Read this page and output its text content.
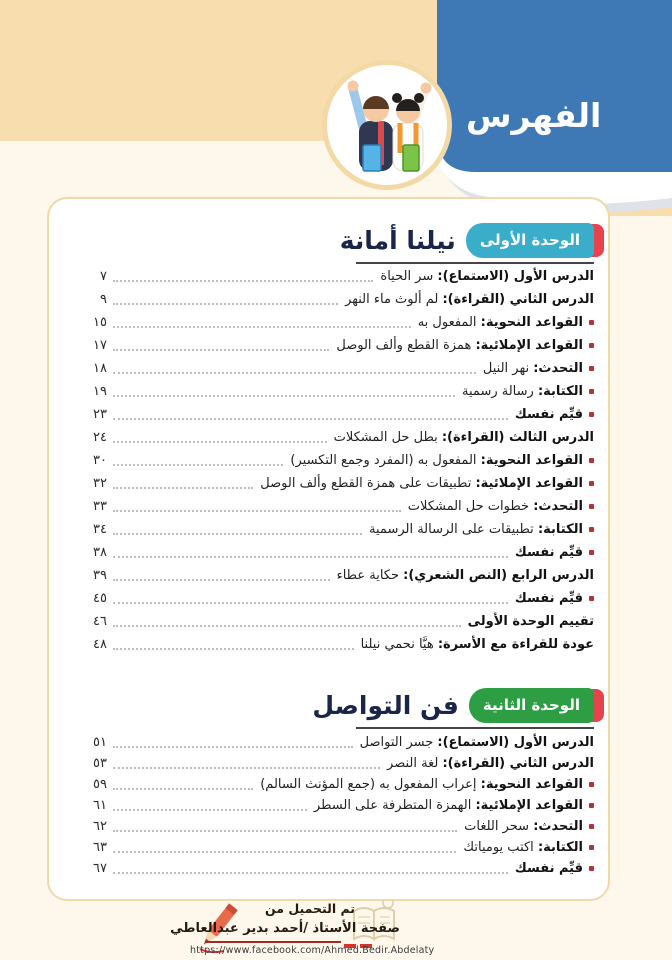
الفهرس
الوحدة الأولى
نيلنا أمانة
الدرس الأول (الاستماع): سر الحياة
٧
الدرس الثاني (القراءة): لم ألوث ماء النهر
٩
القواعد النحوية: المفعول به
١٥
القواعد الإملائية: همزة القطع وألف الوصل
١٧
التحدث: نهر النيل
١٨
الكتابة: رسالة رسمية
١٩
قيِّم نفسك
٢٣
الدرس الثالث (القراءة): بطل حل المشكلات
٢٤
القواعد النحوية: المفعول به (المفرد وجمع التكسير)
٣٠
القواعد الإملائية: تطبيقات على همزة القطع وألف الوصل
٣٢
التحدث: خطوات حل المشكلات
٣٣
الكتابة: تطبيقات على الرسالة الرسمية
٣٤
قيِّم نفسك
٣٨
الدرس الرابع (النص الشعري): حكاية عطاء
٣٩
قيِّم نفسك
٤٥
تقييم الوحدة الأولى
٤٦
عودة للقراءة مع الأسرة: هيَّا نحمي نيلنا
٤٨
الوحدة الثانية
فن التواصل
الدرس الأول (الاستماع): جسر التواصل
٥١
الدرس الثاني (القراءة): لغة النصر
٥٣
القواعد النحوية: إعراب المفعول به (جمع المؤنث السالم)
٥٩
القواعد الإملائية: الهمزة المتطرفة على السطر
٦١
التحدث: سحر اللغات
٦٢
الكتابة: اكتب يومياتك
٦٣
قيِّم نفسك
٦٧
تم التحميل من
صفحة الأستاذ /أحمد بدير عبدالعاطي
https://www.facebook.com/Ahmed.Bedir.Abdelaty
